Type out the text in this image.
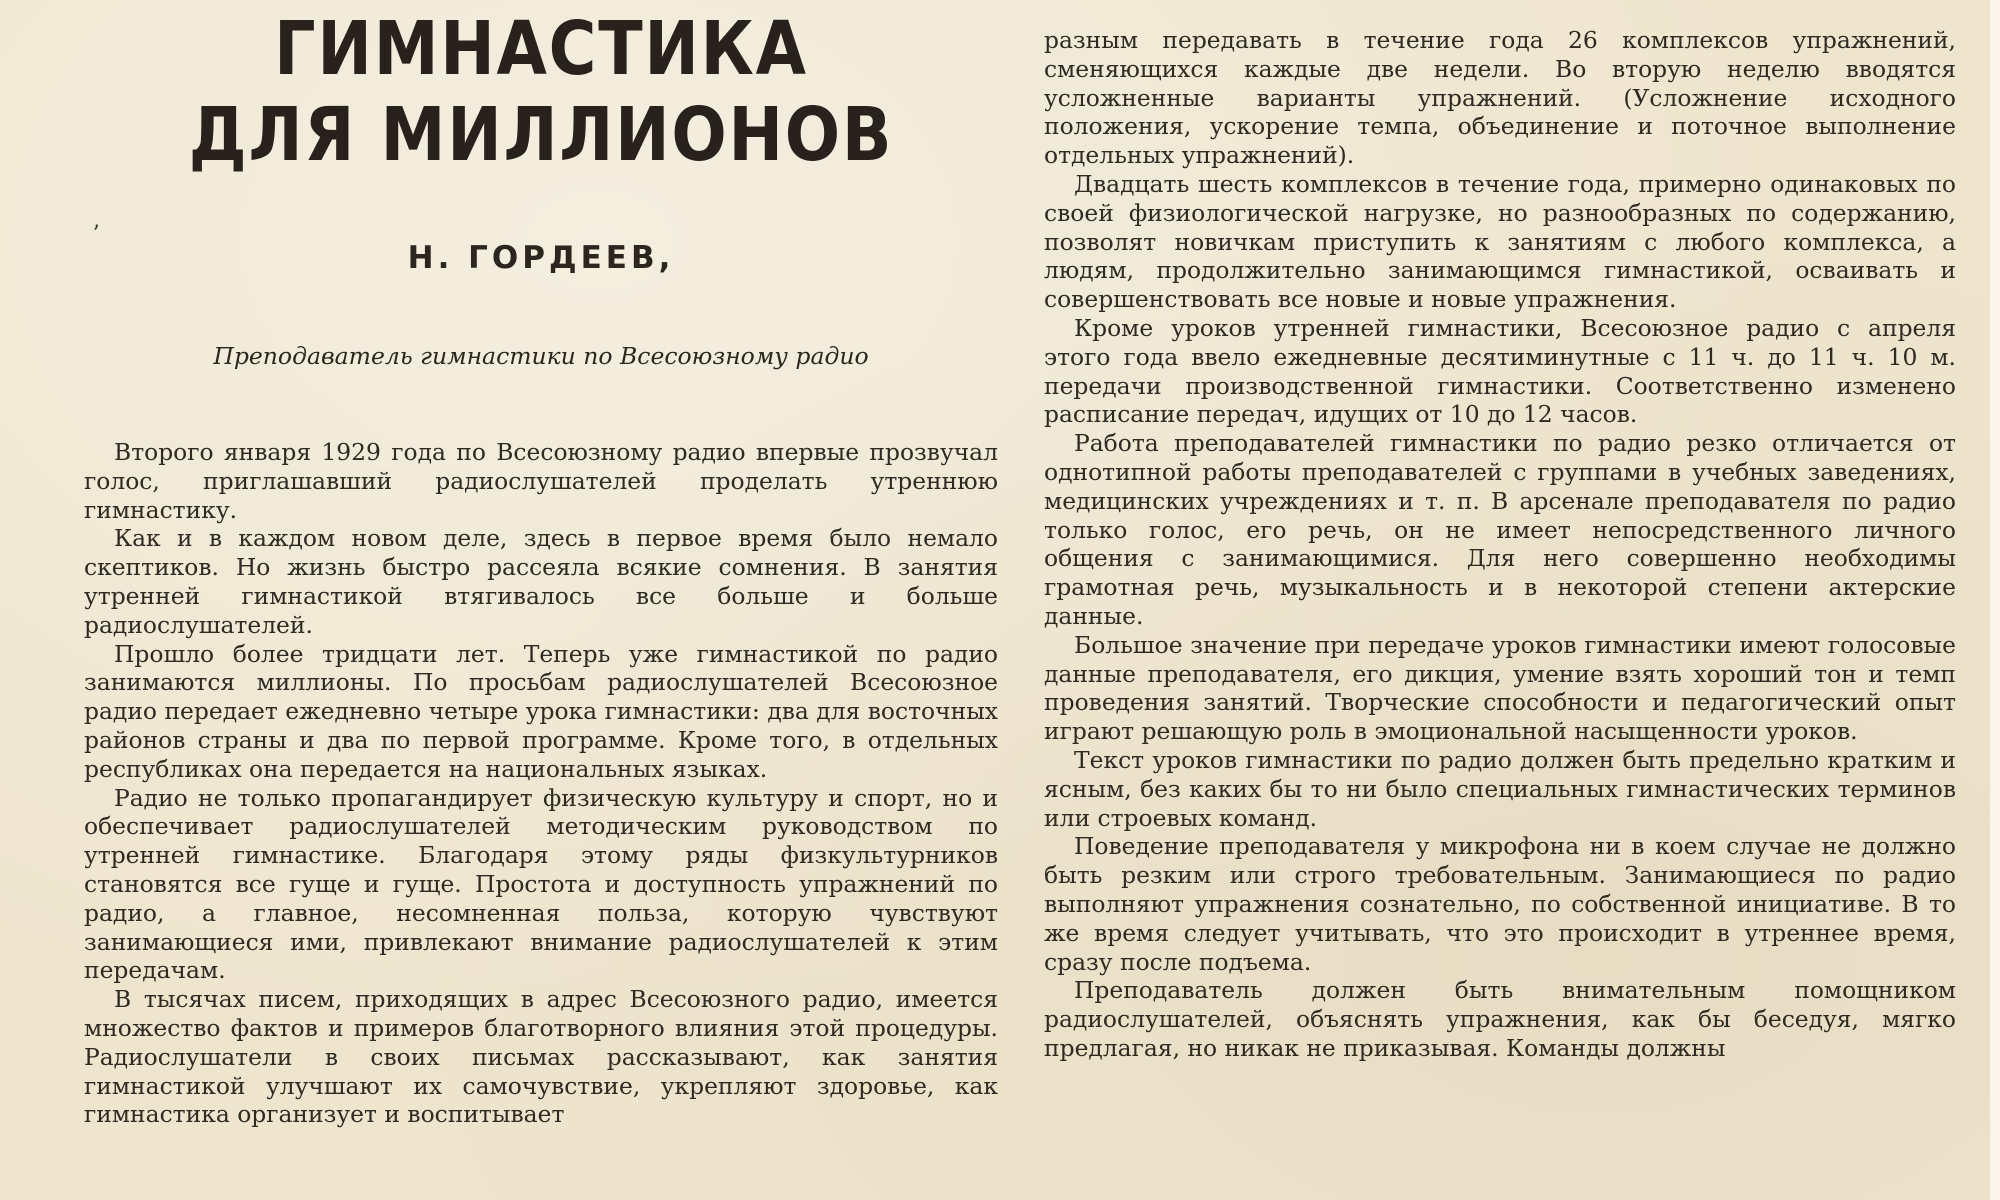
ГИМНАСТИКА
ДЛЯ МИЛЛИОНОВ
Н. ГОРДЕЕВ,
Преподаватель гимнастики по Всесоюзному радио

Второго января 1929 года по Всесоюзному радио впервые прозвучал голос, приглашавший радиослушателей проделать утреннюю гимнастику.

Как и в каждом новом деле, здесь в первое время было немало скептиков. Но жизнь быстро рассеяла всякие сомнения. В занятия утренней гимнастикой втягивалось все больше и больше радиослушателей.

Прошло более тридцати лет. Теперь уже гимнастикой по радио занимаются миллионы. По просьбам радиослушателей Всесоюзное радио передает ежедневно четыре урока гимнастики: два для восточных районов страны и два по первой программе. Кроме того, в отдельных республиках она передается на национальных языках.

Радио не только пропагандирует физическую культуру и спорт, но и обеспечивает радиослушателей методическим руководством по утренней гимнастике. Благодаря этому ряды физкультурников становятся все гуще и гуще. Простота и доступность упражнений по радио, а главное, несомненная польза, которую чувствуют занимающиеся ими, привлекают внимание радиослушателей к этим передачам.

В тысячах писем, приходящих в адрес Всесоюзного радио, имеется множество фактов и примеров благотворного влияния этой процедуры. Радиослушатели в своих письмах рассказывают, как занятия гимнастикой улучшают их самочувствие, укрепляют здоровье, как гимнастика организует и воспитывает

разным передавать в течение года 26 комплексов упражнений, сменяющихся каждые две недели. Во вторую неделю вводятся усложненные варианты упражнений. (Усложнение исходного положения, ускорение темпа, объединение и поточное выполнение отдельных упражнений).

Двадцать шесть комплексов в течение года, примерно одинаковых по своей физиологической нагрузке, но разнообразных по содержанию, позволят новичкам приступить к занятиям с любого комплекса, а людям, продолжительно занимающимся гимнастикой, осваивать и совершенствовать все новые и новые упражнения.

Кроме уроков утренней гимнастики, Всесоюзное радио с апреля этого года ввело ежедневные десятиминутные с 11 ч. до 11 ч. 10 м. передачи производственной гимнастики. Соответственно изменено расписание передач, идущих от 10 до 12 часов.

Работа преподавателей гимнастики по радио резко отличается от однотипной работы преподавателей с группами в учебных заведениях, медицинских учреждениях и т. п. В арсенале преподавателя по радио только голос, его речь, он не имеет непосредственного личного общения с занимающимися. Для него совершенно необходимы грамотная речь, музыкальность и в некоторой степени актерские данные.

Большое значение при передаче уроков гимнастики имеют голосовые данные преподавателя, его дикция, умение взять хороший тон и темп проведения занятий. Творческие способности и педагогический опыт играют решающую роль в эмоциональной насыщенности уроков.

Текст уроков гимнастики по радио должен быть предельно кратким и ясным, без каких бы то ни было специальных гимнастических терминов или строевых команд.

Поведение преподавателя у микрофона ни в коем случае не должно быть резким или строго требовательным. Занимающиеся по радио выполняют упражнения сознательно, по собственной инициативе. В то же время следует учитывать, что это происходит в утреннее время, сразу после подъема.

Преподаватель должен быть внимательным помощником радиослушателей, объяснять упражнения, как бы беседуя, мягко предлагая, но никак не приказывая. Команды должны

ʼ
